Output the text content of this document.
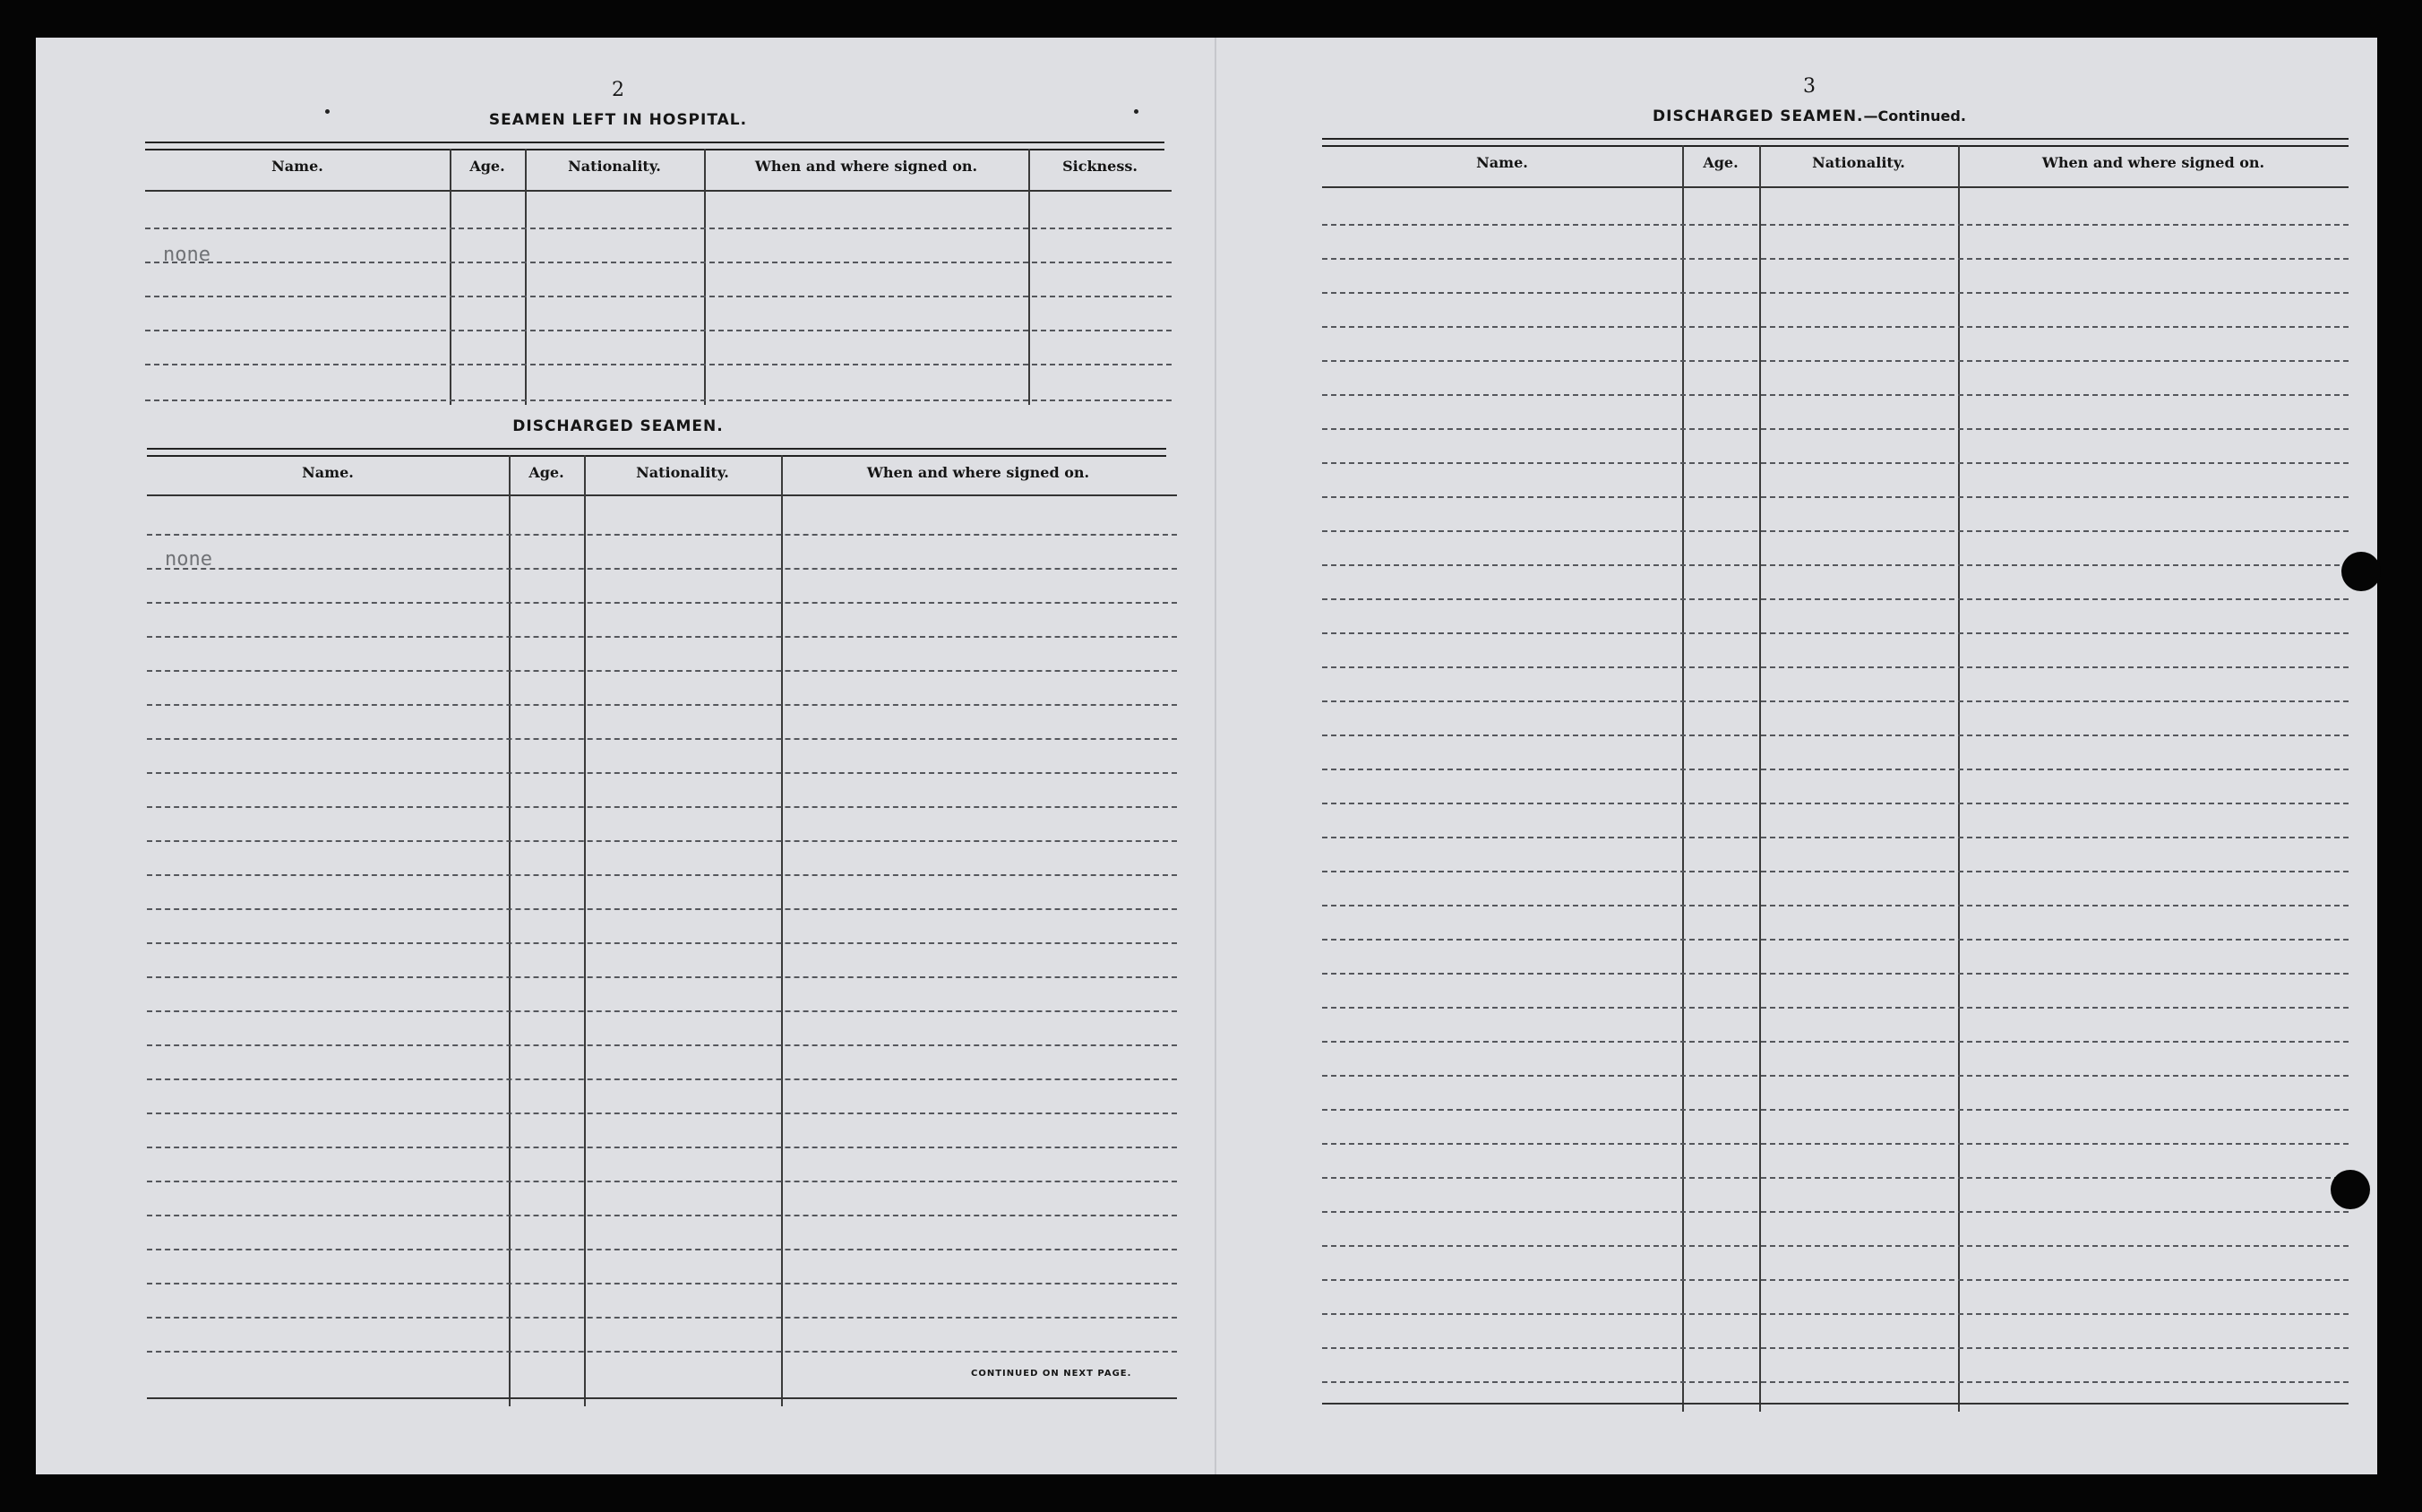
2
SEAMEN LEFT IN HOSPITAL.
Name.	Age.	Nationality.	When and where signed on.	Sickness.
none
DISCHARGED SEAMEN.
Name.	Age.	Nationality.	When and where signed on.
none
CONTINUED ON NEXT PAGE.
3
DISCHARGED SEAMEN.—Continued.
Name.	Age.	Nationality.	When and where signed on.
